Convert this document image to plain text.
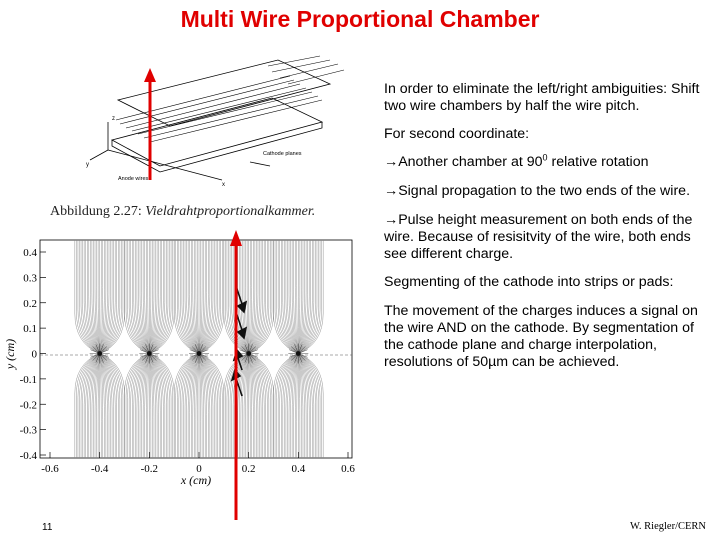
Multi Wire Proportional Chamber
z
y
x
Cathode planes
Anode wires
-0.6	-0.4	-0.2	0	0.2	0.4	0.6
0.4
0.3
0.2
0.1
0
-0.1
-0.2
-0.3
-0.4
x (cm)
y (cm)
Abbildung 2.27: Vieldrahtproportionalkammer.

In order to eliminate the left/right ambiguities: Shift two wire chambers by half the wire pitch.

For second coordinate:

→Another chamber at $90^0$ relative rotation

→Signal propagation to the two ends of the wire.

→Pulse height measurement on both ends of the wire. Because of resisitvity of the wire, both ends see different charge.

Segmenting of the cathode into strips or pads:

The movement of the charges induces a signal on the wire AND on the cathode. By segmentation of the cathode plane and charge interpolation, resolutions of 50µm can be achieved.

11	W. Riegler/CERN
